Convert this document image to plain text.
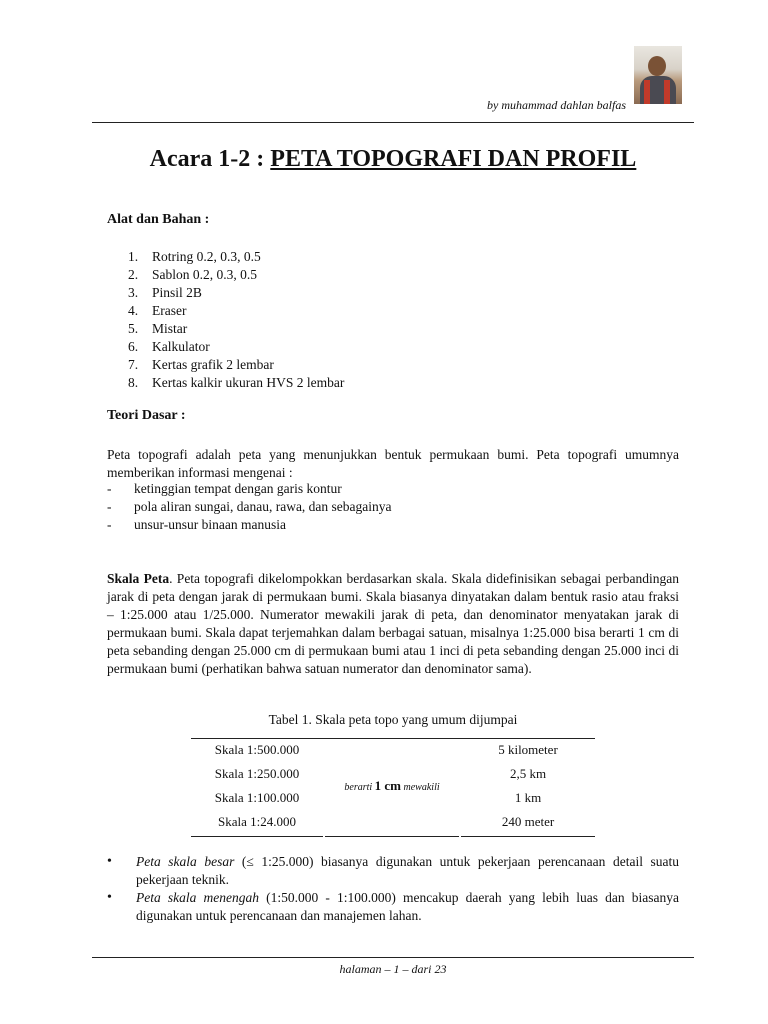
by muhammad dahlan balfas
Acara 1-2 : PETA TOPOGRAFI DAN PROFIL
Alat dan Bahan :
1. Rotring 0.2, 0.3, 0.5
2. Sablon 0.2, 0.3, 0.5
3. Pinsil 2B
4. Eraser
5. Mistar
6. Kalkulator
7. Kertas grafik 2 lembar
8. Kertas kalkir ukuran HVS 2 lembar
Teori Dasar :

Peta topografi adalah peta yang menunjukkan bentuk permukaan bumi. Peta topografi umumnya memberikan informasi mengenai :

- ketinggian tempat dengan garis kontur
- pola aliran sungai, danau, rawa, dan sebagainya
- unsur-unsur binaan manusia

Skala Peta. Peta topografi dikelompokkan berdasarkan skala. Skala didefinisikan sebagai perbandingan jarak di peta dengan jarak di permukaan bumi. Skala biasanya dinyatakan dalam bentuk rasio atau fraksi – 1:25.000 atau 1/25.000. Numerator mewakili jarak di peta, dan denominator menyatakan jarak di permukaan bumi. Skala dapat terjemahkan dalam berbagai satuan, misalnya 1:25.000 bisa berarti 1 cm di peta sebanding dengan 25.000 cm di permukaan bumi atau 1 inci di peta sebanding dengan 25.000 inci di permukaan bumi (perhatikan bahwa satuan numerator dan denominator sama).

Tabel 1. Skala peta topo yang umum dijumpai
Skala 1:500.000	5 kilometer
Skala 1:250.000	2,5 km
Skala 1:100.000	1 km
Skala 1:24.000	240 meter
berarti 1 cm mewakili
• Peta skala besar (≤ 1:25.000) biasanya digunakan untuk pekerjaan perencanaan detail suatu pekerjaan teknik.
• Peta skala menengah (1:50.000 - 1:100.000) mencakup daerah yang lebih luas dan biasanya digunakan untuk perencanaan dan manajemen lahan.
halaman – 1 – dari 23
